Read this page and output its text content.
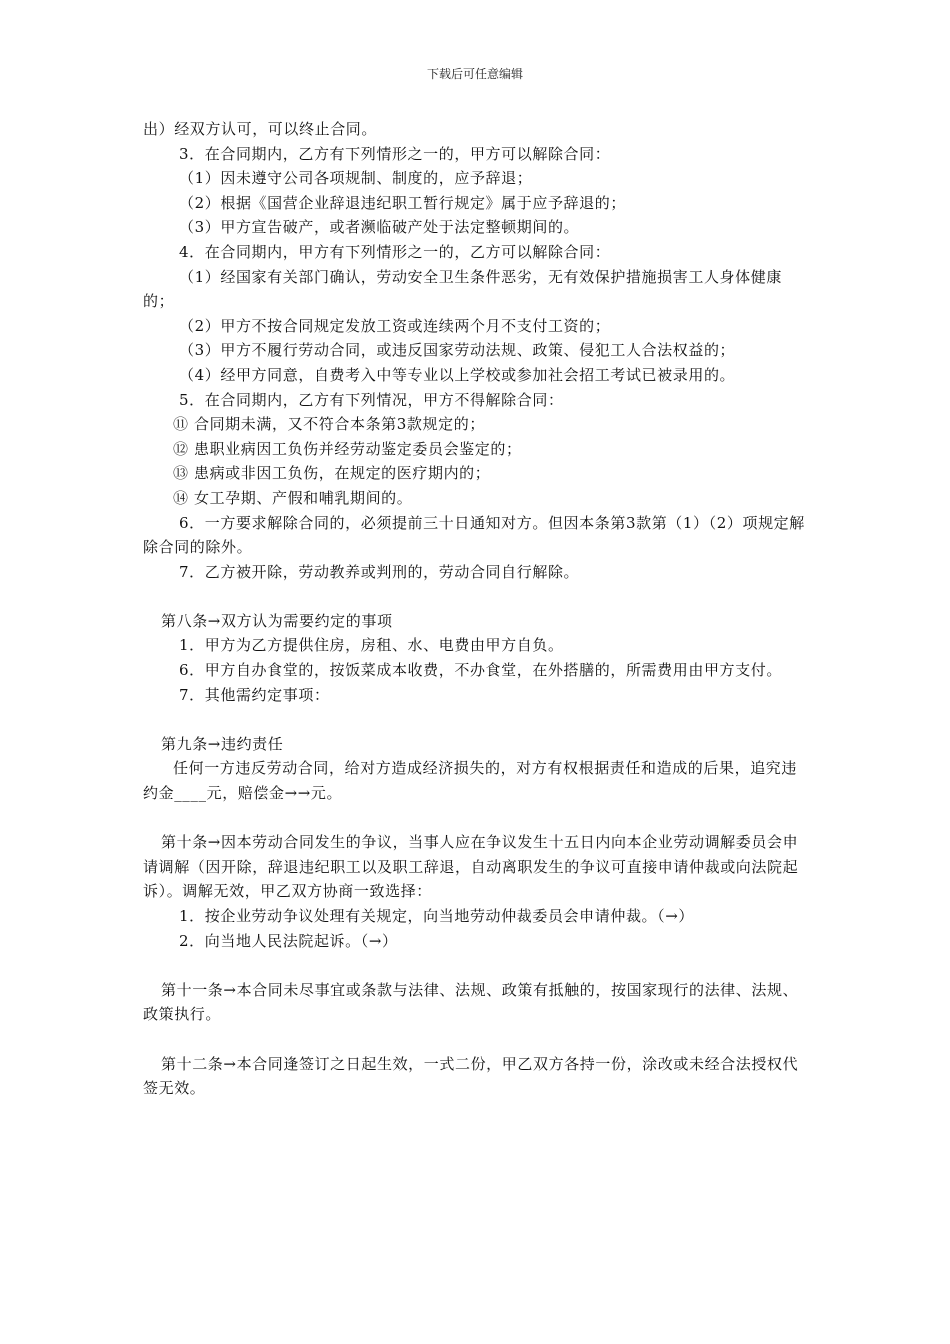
下载后可任意编辑

出）经双方认可，可以终止合同。

3．在合同期内，乙方有下列情形之一的，甲方可以解除合同：

（1）因未遵守公司各项规制、制度的，应予辞退；

（2）根据《国营企业辞退违纪职工暂行规定》属于应予辞退的；

（3）甲方宣告破产，或者濒临破产处于法定整顿期间的。

4．在合同期内，甲方有下列情形之一的，乙方可以解除合同：

（1）经国家有关部门确认，劳动安全卫生条件恶劣，无有效保护措施损害工人身体健康的；

（2）甲方不按合同规定发放工资或连续两个月不支付工资的；

（3）甲方不履行劳动合同，或违反国家劳动法规、政策、侵犯工人合法权益的；

（4）经甲方同意，自费考入中等专业以上学校或参加社会招工考试已被录用的。

5．在合同期内，乙方有下列情况，甲方不得解除合同：

⑪ 合同期未满，又不符合本条第3款规定的；

⑫ 患职业病因工负伤并经劳动鉴定委员会鉴定的；

⑬ 患病或非因工负伤，在规定的医疗期内的；

⑭ 女工孕期、产假和哺乳期间的。

6．一方要求解除合同的，必须提前三十日通知对方。但因本条第3款第（1）（2）项规定解除合同的除外。

7．乙方被开除，劳动教养或判刑的，劳动合同自行解除。

第八条→双方认为需要约定的事项

1．甲方为乙方提供住房，房租、水、电费由甲方自负。

6．甲方自办食堂的，按饭菜成本收费，不办食堂，在外搭膳的，所需费用由甲方支付。

7．其他需约定事项：

第九条→违约责任

任何一方违反劳动合同，给对方造成经济损失的，对方有权根据责任和造成的后果，追究违约金____元，赔偿金→→元。

第十条→因本劳动合同发生的争议，当事人应在争议发生十五日内向本企业劳动调解委员会申请调解（因开除，辞退违纪职工以及职工辞退，自动离职发生的争议可直接申请仲裁或向法院起诉）。调解无效，甲乙双方协商一致选择：

1．按企业劳动争议处理有关规定，向当地劳动仲裁委员会申请仲裁。（→）

2．向当地人民法院起诉。（→）

第十一条→本合同未尽事宜或条款与法律、法规、政策有抵触的，按国家现行的法律、法规、政策执行。

第十二条→本合同逢签订之日起生效，一式二份，甲乙双方各持一份，涂改或未经合法授权代签无效。
